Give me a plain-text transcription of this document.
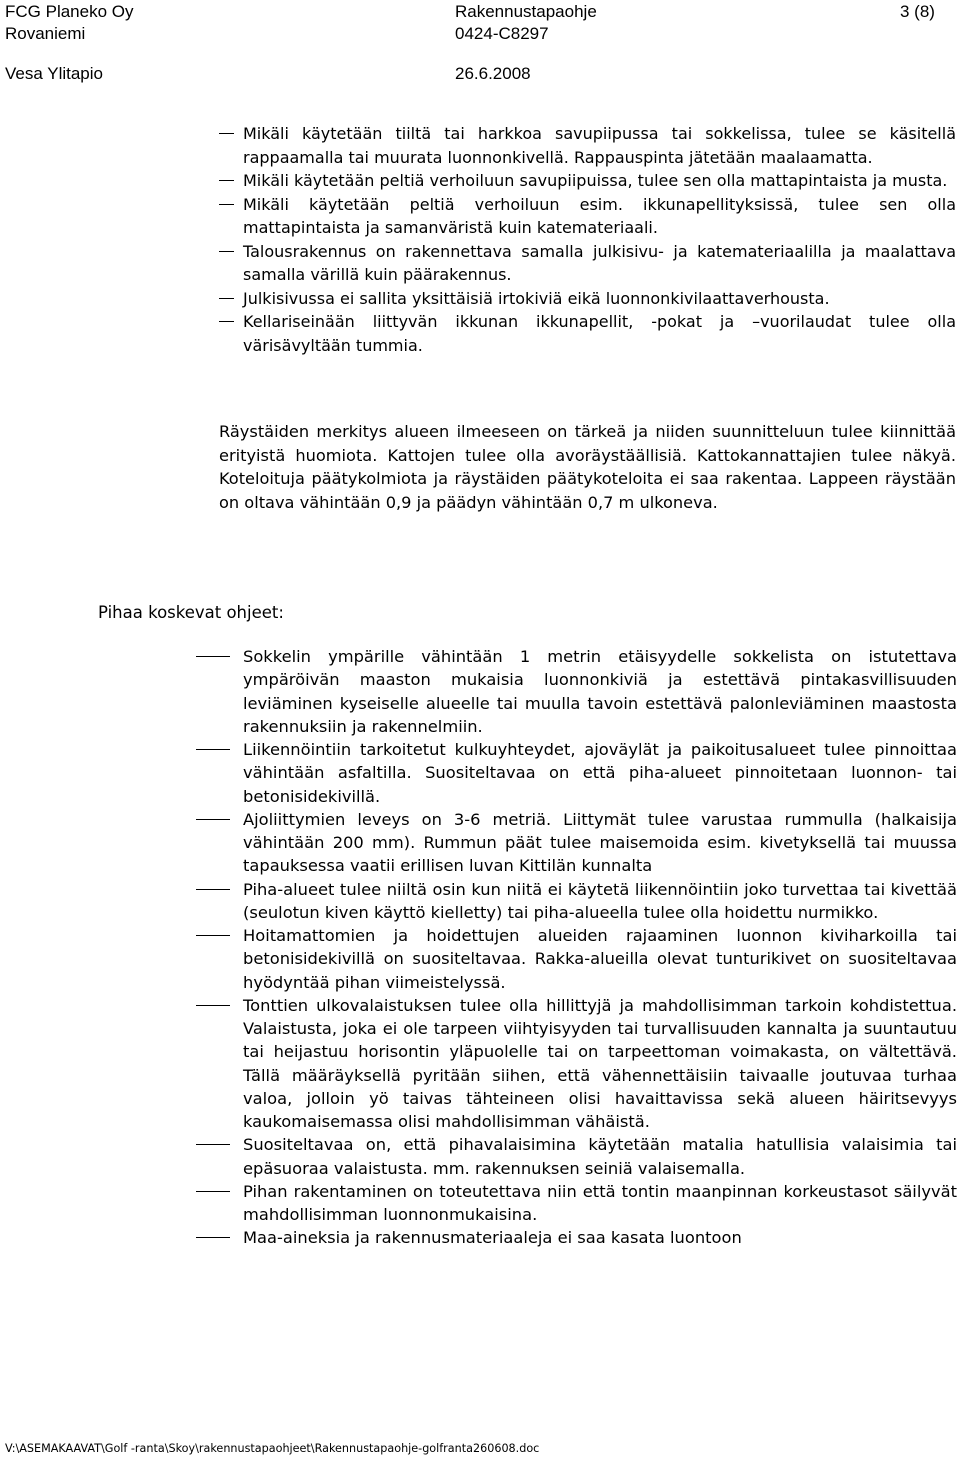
FCG Planeko Oy
Rovaniemi
Vesa Ylitapio
Rakennustapaohje
0424-C8297
26.6.2008
3 (8)
Mikäli käytetään tiiltä tai harkkoa savupiipussa tai sokkelissa, tulee se käsitellä rappaamalla tai muurata luonnonkivellä. Rappauspinta jätetään maalaamatta.
Mikäli käytetään peltiä verhoiluun savupiipuissa, tulee sen olla mattapintaista ja musta.
Mikäli käytetään peltiä verhoiluun esim. ikkunapellityksissä, tulee sen olla mattapintaista ja samanväristä kuin katemateriaali.
Talousrakennus on rakennettava samalla julkisivu- ja katemateriaalilla ja maalattava samalla värillä kuin päärakennus.
Julkisivussa ei sallita yksittäisiä irtokiviä eikä luonnonkivilaattaverhousta.
Kellariseinään liittyvän ikkunan ikkunapellit, -pokat ja –vuorilaudat tulee olla värisävyltään tummia.

Räystäiden merkitys alueen ilmeeseen on tärkeä ja niiden suunnitteluun tulee kiinnittää erityistä huomiota. Kattojen tulee olla avoräystäällisiä. Kattokannattajien tulee näkyä. Koteloituja päätykolmiota ja räystäiden päätykoteloita ei saa rakentaa. Lappeen räystään on oltava vähintään 0,9 ja päädyn vähintään 0,7 m ulkoneva.

Pihaa koskevat ohjeet:
Sokkelin ympärille vähintään 1 metrin etäisyydelle sokkelista on istutettava ympäröivän maaston mukaisia luonnonkiviä ja estettävä pintakasvillisuuden leviäminen kyseiselle alueelle tai muulla tavoin estettävä palonleviäminen maastosta rakennuksiin ja rakennelmiin.
Liikennöintiin tarkoitetut kulkuyhteydet, ajoväylät ja paikoitusalueet tulee pinnoittaa vähintään asfaltilla. Suositeltavaa on että piha-alueet pinnoitetaan luonnon- tai betonisidekivillä.
Ajoliittymien leveys on 3-6 metriä. Liittymät tulee varustaa rummulla (halkaisija vähintään 200 mm). Rummun päät tulee maisemoida esim. kivetyksellä tai muussa tapauksessa vaatii erillisen luvan Kittilän kunnalta
Piha-alueet tulee niiltä osin kun niitä ei käytetä liikennöintiin joko turvettaa tai kivettää (seulotun kiven käyttö kielletty) tai piha-alueella tulee olla hoidettu nurmikko.
Hoitamattomien ja hoidettujen alueiden rajaaminen luonnon kiviharkoilla tai betonisidekivillä on suositeltavaa. Rakka-alueilla olevat tunturikivet on suositeltavaa hyödyntää pihan viimeistelyssä.
Tonttien ulkovalaistuksen tulee olla hillittyjä ja mahdollisimman tarkoin kohdistettua. Valaistusta, joka ei ole tarpeen viihtyisyyden tai turvallisuuden kannalta ja suuntautuu tai heijastuu horisontin yläpuolelle tai on tarpeettoman voimakasta, on vältettävä. Tällä määräyksellä pyritään siihen, että vähennettäisiin taivaalle joutuvaa turhaa valoa, jolloin yö taivas tähteineen olisi havaittavissa sekä alueen häiritsevyys kaukomaisemassa olisi mahdollisimman vähäistä.
Suositeltavaa on, että pihavalaisimina käytetään matalia hatullisia valaisimia tai epäsuoraa valaistusta. mm. rakennuksen seiniä valaisemalla.
Pihan rakentaminen on toteutettava niin että tontin maanpinnan korkeustasot säilyvät mahdollisimman luonnonmukaisina.
Maa-aineksia ja rakennusmateriaaleja ei saa kasata luontoon
V:\ASEMAKAAVAT\Golf -ranta\Skoy\rakennustapaohjeet\Rakennustapaohje-golfranta260608.doc
